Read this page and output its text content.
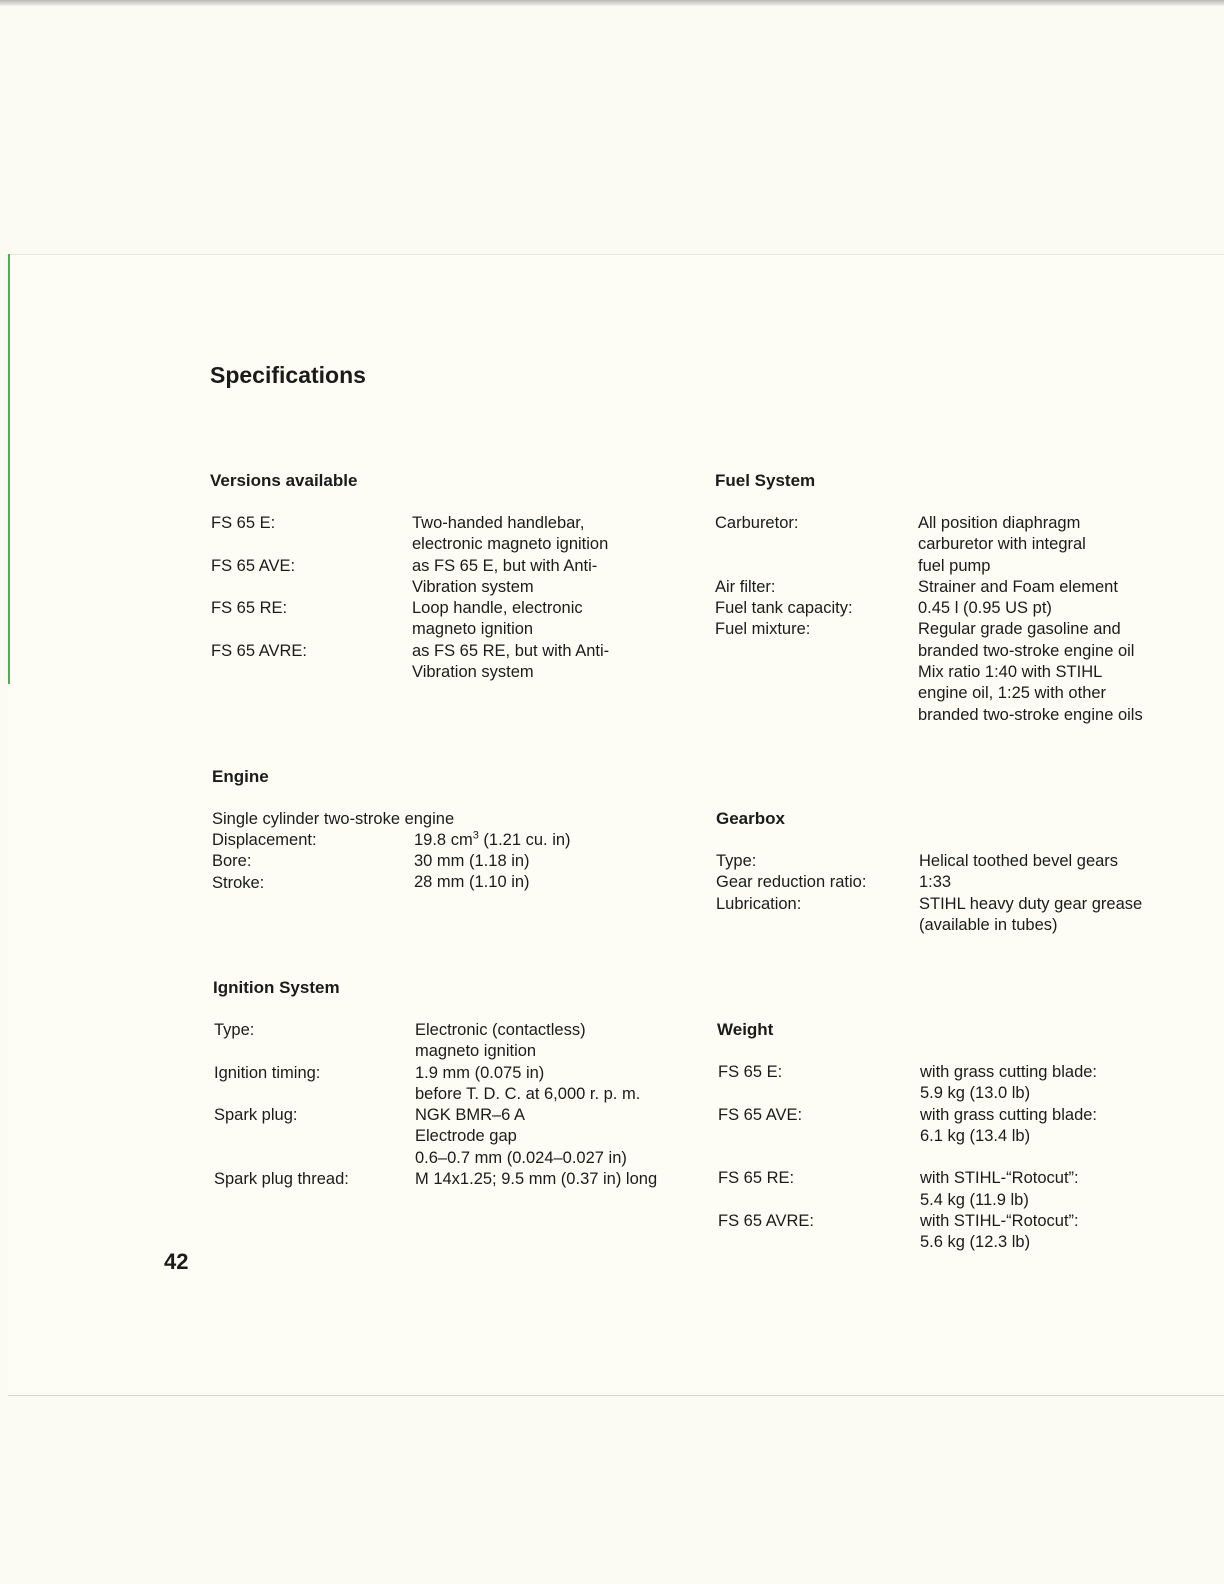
Specifications
Versions available
FS 65 E:

FS 65 AVE:

FS 65 RE:

FS 65 AVRE:
Two-handed handlebar,
electronic magneto ignition
as FS 65 E, but with Anti-
Vibration system
Loop handle, electronic
magneto ignition
as FS 65 RE, but with Anti-
Vibration system
Engine
Single cylinder two-stroke engine
Displacement:
Bore:
Stroke:
19.8 $cm^3$ (1.21 cu. in)
30 mm (1.18 in)
28 mm (1.10 in)
Ignition System
Type:

Ignition timing:

Spark plug:

Spark plug thread:
Electronic (contactless)
magneto ignition
1.9 mm (0.075 in)
before T. D. C. at 6,000 r. p. m.
NGK BMR–6 A
Electrode gap
0.6–0.7 mm (0.024–0.027 in)
M 14x1.25; 9.5 mm (0.37 in) long
Fuel System
Carburetor:

Air filter:
Fuel tank capacity:
Fuel mixture:
All position diaphragm
carburetor with integral
fuel pump
Strainer and Foam element
0.45 l (0.95 US pt)
Regular grade gasoline and
branded two-stroke engine oil
Mix ratio 1:40 with STIHL
engine oil, 1:25 with other
branded two-stroke engine oils
Gearbox
Type:
Gear reduction ratio:
Lubrication:
Helical toothed bevel gears
1:33
STIHL heavy duty gear grease
(available in tubes)
Weight
FS 65 E:

FS 65 AVE:

FS 65 RE:

FS 65 AVRE:
with grass cutting blade:
5.9 kg (13.0 lb)
with grass cutting blade:
6.1 kg (13.4 lb)

with STIHL-“Rotocut”:
5.4 kg (11.9 lb)
with STIHL-“Rotocut”:
5.6 kg (12.3 lb)
42
